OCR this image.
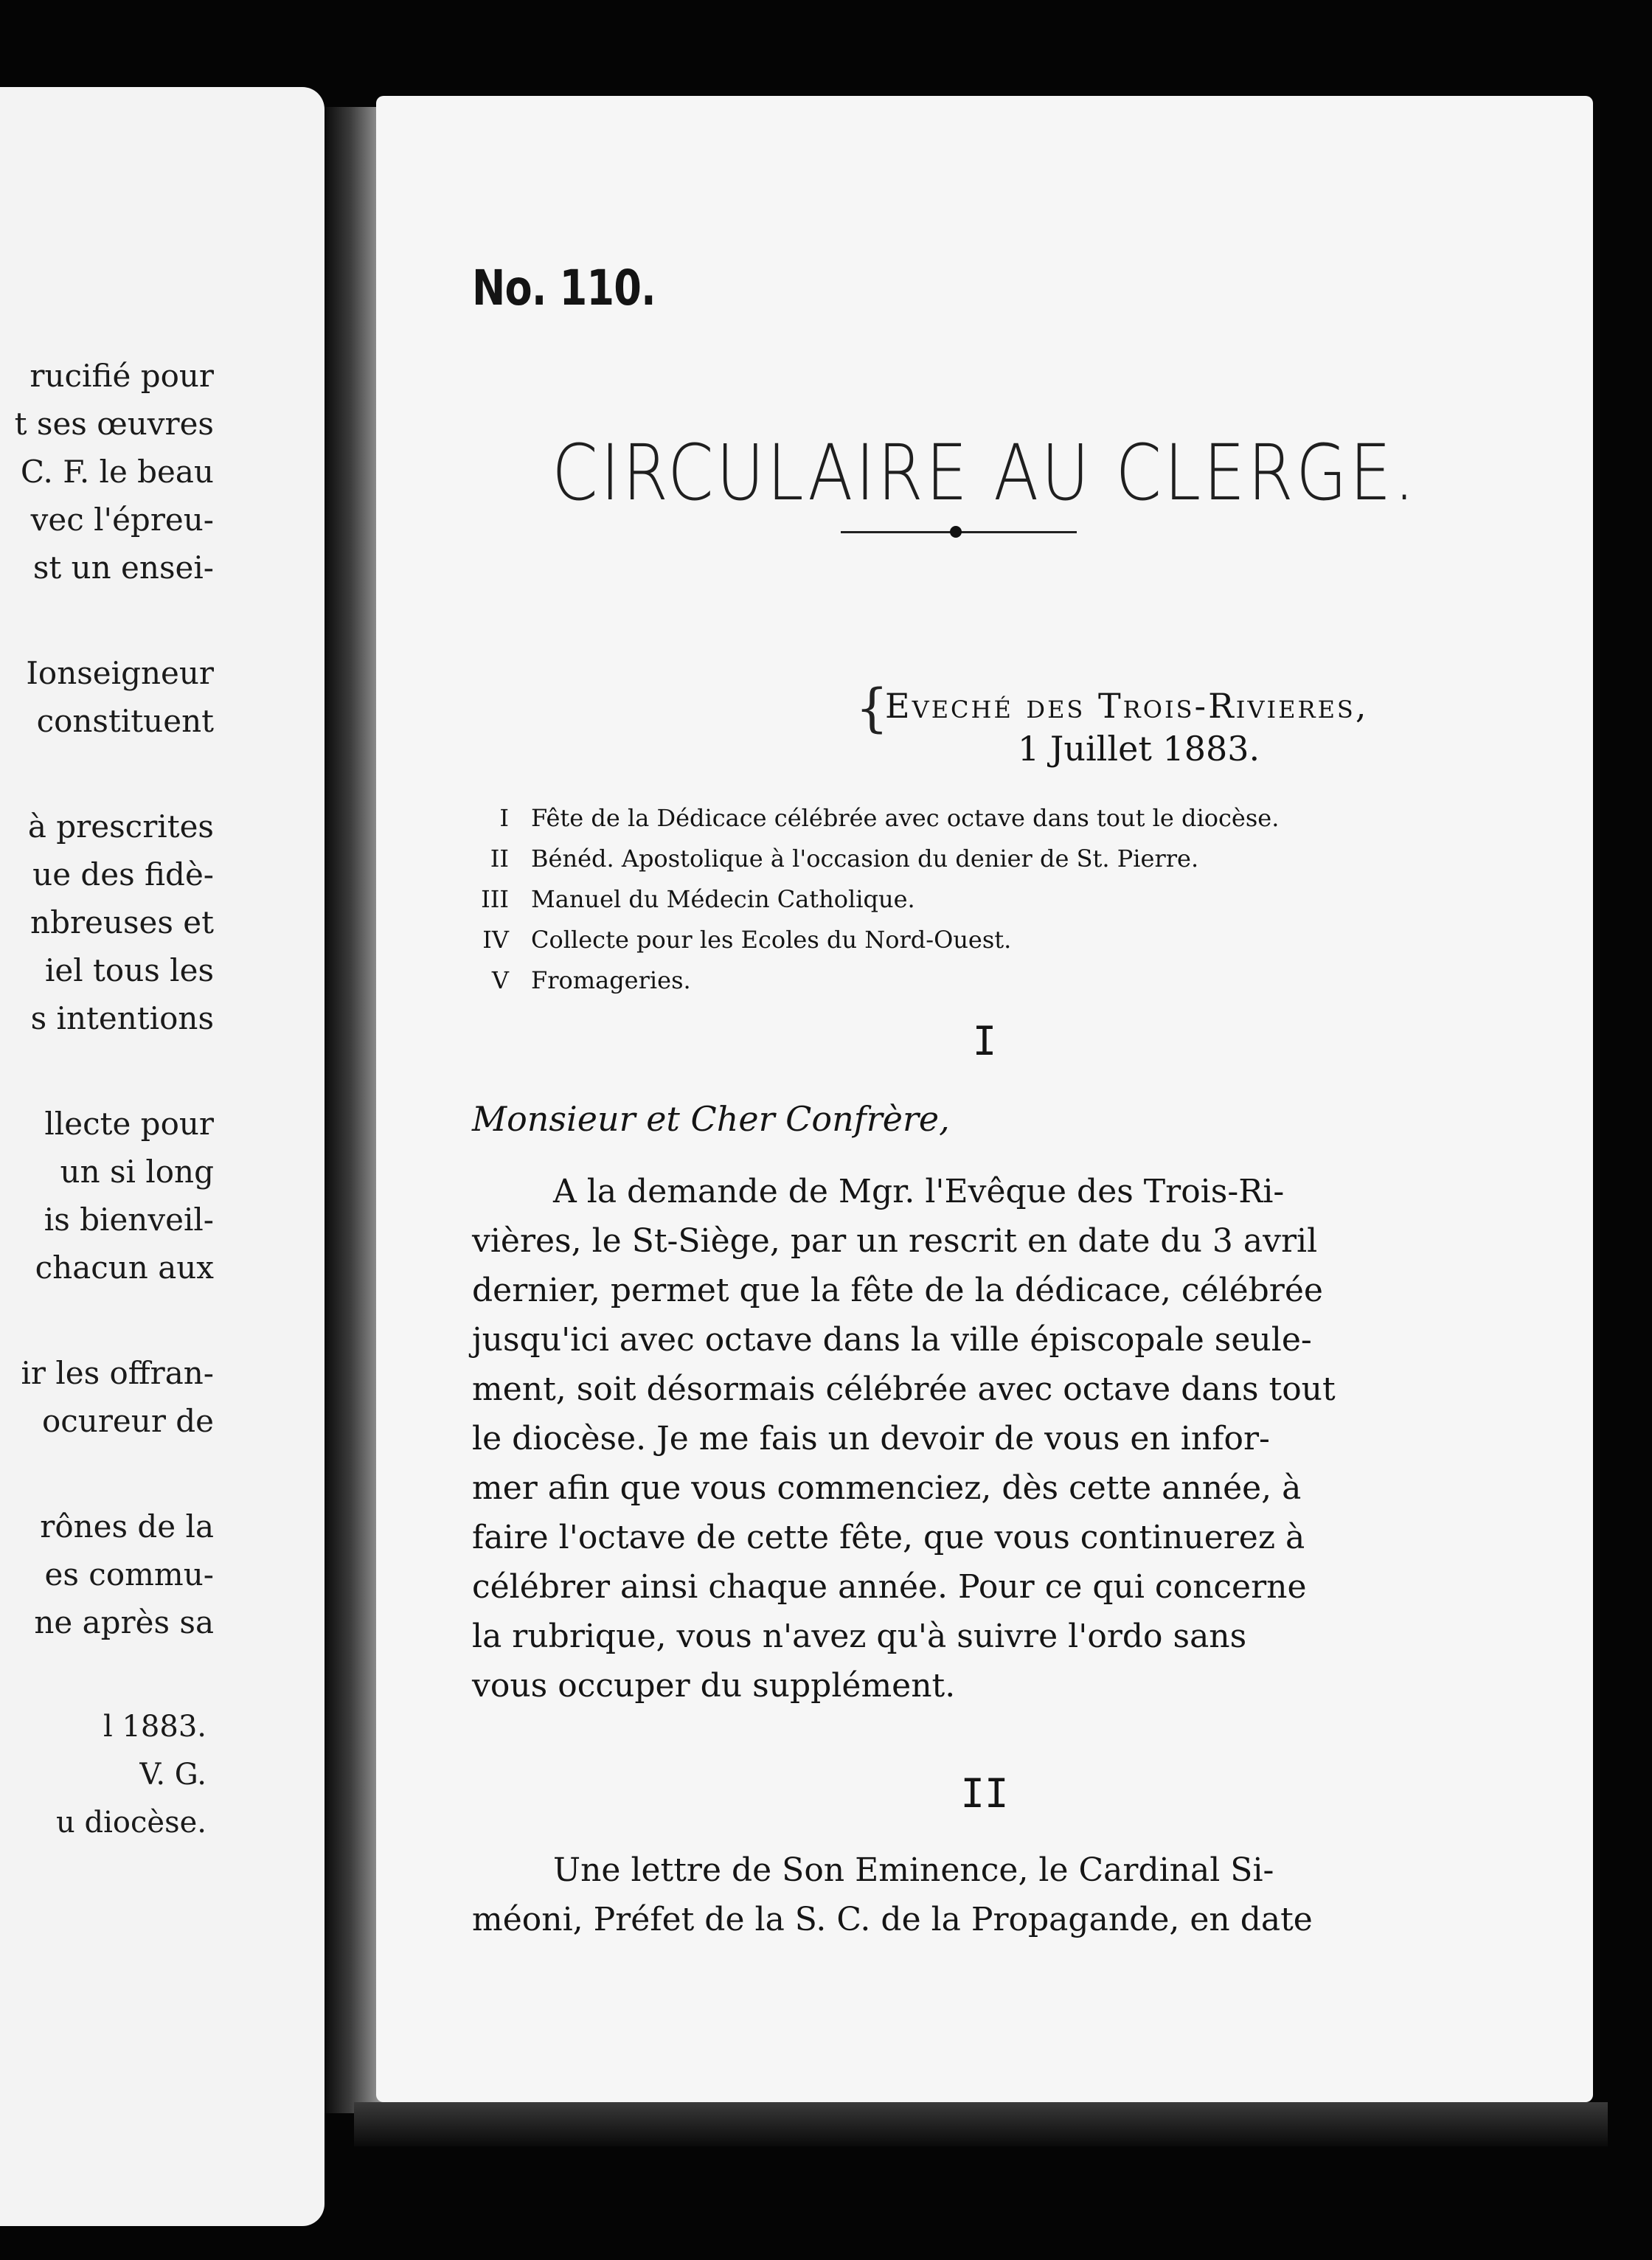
rucifié pour
t ses œuvres
C. F. le beau
vec l'épreu-
st un ensei-
Ionseigneur
constituent
à prescrites
ue des fidè-
nbreuses et
iel tous les
s intentions
llecte pour
un si long
is bienveil-
chacun aux
ir les offran-
ocureur de
rônes de la
es commu-
ne après sa
l 1883.
V. G.
u diocèse.
No. 110.
CIRCULAIRE AU CLERGE.
{
Eveché des Trois-Rivieres,
1 Juillet 1883.
I Fête de la Dédicace célébrée avec octave dans tout le diocèse.
II Bénéd. Apostolique à l'occasion du denier de St. Pierre.
III Manuel du Médecin Catholique.
IV Collecte pour les Ecoles du Nord-Ouest.
V Fromageries.
I
Monsieur et Cher Confrère,
A la demande de Mgr. l'Evêque des Trois-Ri-
vières, le St-Siège, par un rescrit en date du 3 avril
dernier, permet que la fête de la dédicace, célébrée
jusqu'ici avec octave dans la ville épiscopale seule-
ment, soit désormais célébrée avec octave dans tout
le diocèse. Je me fais un devoir de vous en infor-
mer afin que vous commenciez, dès cette année, à
faire l'octave de cette fête, que vous continuerez à
célébrer ainsi chaque année. Pour ce qui concerne
la rubrique, vous n'avez qu'à suivre l'ordo sans
vous occuper du supplément.
II
Une lettre de Son Eminence, le Cardinal Si-
méoni, Préfet de la S. C. de la Propagande, en date
